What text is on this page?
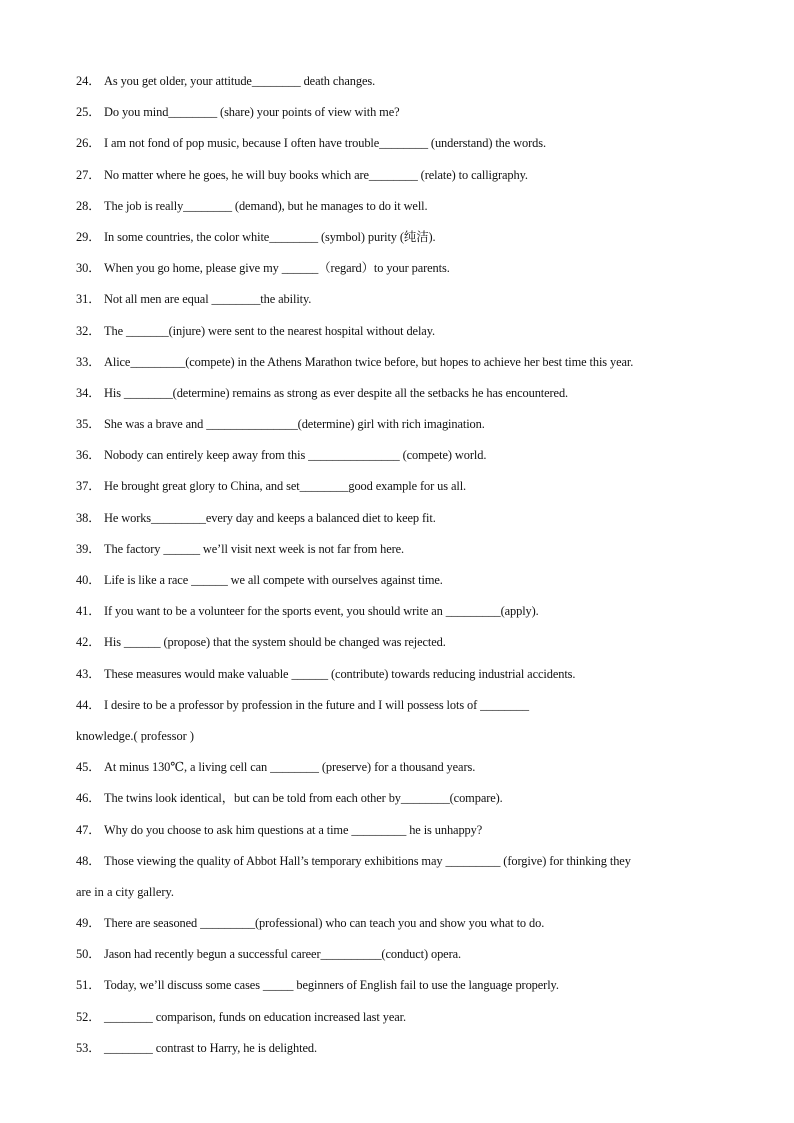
24． As you get older, your attitude________ death changes.
25． Do you mind________ (share) your points of view with me?
26． I am not fond of pop music, because I often have trouble________ (understand) the words.
27． No matter where he goes, he will buy books which are________ (relate) to calligraphy.
28． The job is really________ (demand), but he manages to do it well.
29． In some countries, the color white________ (symbol) purity (纯洁).
30． When you go home, please give my ______（regard）to your parents.
31． Not all men are equal ________the ability.
32． The _______(injure) were sent to the nearest hospital without delay.
33． Alice_________(compete) in the Athens Marathon twice before, but hopes to achieve her best time this year.
34． His ________(determine) remains as strong as ever despite all the setbacks he has encountered.
35． She was a brave and _______________(determine) girl with rich imagination.
36． Nobody can entirely keep away from this _______________ (compete) world.
37． He brought great glory to China, and set________good example for us all.
38． He works_________every day and keeps a balanced diet to keep fit.
39． The factory ______ we’ll visit next week is not far from here.
40． Life is like a race ______ we all compete with ourselves against time.
41． If you want to be a volunteer for the sports event, you should write an _________(apply).
42． His ______ (propose) that the system should be changed was rejected.
43． These measures would make valuable ______ (contribute) towards reducing industrial accidents.
44． I desire to be a professor by profession in the future and I will possess lots of ________
knowledge.( professor )
45． At minus 130℃, a living cell can ________ (preserve) for a thousand years.
46． The twins look identical，but can be told from each other by________(compare).
47． Why do you choose to ask him questions at a time _________ he is unhappy?
48． Those viewing the quality of Abbot Hall’s temporary exhibitions may _________ (forgive) for thinking they
are in a city gallery.
49． There are seasoned _________(professional) who can teach you and show you what to do.
50． Jason had recently begun a successful career__________(conduct) opera.
51． Today, we’ll discuss some cases _____ beginners of English fail to use the language properly.
52． ________ comparison, funds on education increased last year.
53． ________ contrast to Harry, he is delighted.
